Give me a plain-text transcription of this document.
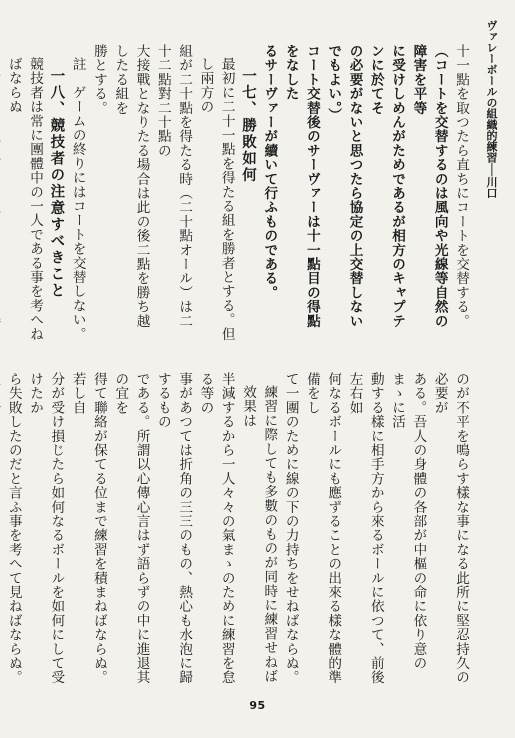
ヴァレーボールの組織的練習──川口
十一點を取つたら直ちにコートを交替する。
（コートを交替するのは風向や光線等自然の障害を平等
に受けしめんがためであるが相方のキャプテンに於てそ
の必要がないと思つたら協定の上交替しないでもよい。）
コート交替後のサーヴァーは十一點目の得點をなした
るサーヴァーが續いて行ふものである。
一七、勝敗如何
最初に二十一點を得たる組を勝者とする。但し兩方の
組が二十點を得たる時（二十點オール）は二十二點對二十點の
大接戰となりたる場合は此の後二點を勝ち越したる組を
勝とする。
註　ゲームの終りにはコートを交替しない。
一八、競技者の注意すべきこと
競技者は常に團體中の一人である事を考へねばならぬ
のが不平を鳴らす樣な事になる此所に堅忍持久の必要が
ある。吾人の身體の各部が中樞の命に依り意のまゝに活
動する樣に相手方から來るボールに依つて、前後左右如
何なるボールにも應ずることの出來る樣な體的準備をし
て一團のために線の下の力持ちをせねばならぬ。
練習に際しても多數のものが同時に練習せねば效果は
半減するから一人々々の氣まゝのために練習を怠る等の
事があつては折角の三三のもの、熱心も水泡に歸するもの
である。所謂以心傳心言はず語らずの中に進退其の宜を
得て聯絡が保てる位まで練習を積まねばならぬ。若し自
分が受け損じたら如何なるボールを如何にして受けたか
ら失敗したのだと言ふ事を考へて見ねばならぬ。
95
